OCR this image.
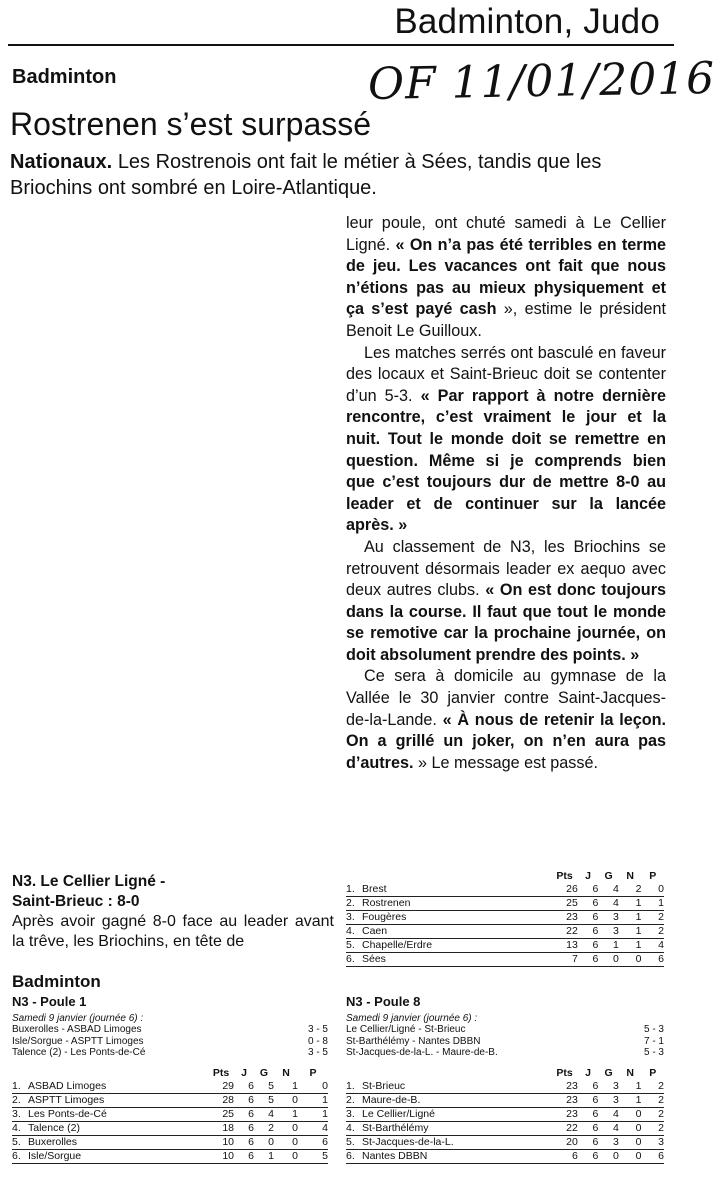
Badminton, Judo
Badminton	OF 11/01/2016
Rostrenen s’est surpassé
Nationaux. Les Rostrenois ont fait le métier à Sées, tandis que les Briochins ont sombré en Loire-Atlantique.

leur poule, ont chuté samedi à Le Cellier Ligné. « On n’a pas été terribles en terme de jeu. Les vacances ont fait que nous n’étions pas au mieux physiquement et ça s’est payé cash », estime le président Benoit Le Guilloux.

Les matches serrés ont basculé en faveur des locaux et Saint-Brieuc doit se contenter d’un 5-3. « Par rapport à notre dernière rencontre, c’est vraiment le jour et la nuit. Tout le monde doit se remettre en question. Même si je comprends bien que c’est toujours dur de mettre 8-0 au leader et de continuer sur la lancée après. »

Au classement de N3, les Briochins se retrouvent désormais leader ex aequo avec deux autres clubs. « On est donc toujours dans la course. Il faut que tout le monde se remotive car la prochaine journée, on doit absolument prendre des points. »

Ce sera à domicile au gymnase de la Vallée le 30 janvier contre Saint-Jacques-de-la-Lande. « À nous de retenir la leçon. On a grillé un joker, on n’en aura pas d’autres. » Le message est passé.

N3. Le Cellier Ligné -
Saint-Brieuc : 8-0
Après avoir gagné 8-0 face au leader avant la trêve, les Briochins, en tête de
Badminton
	Pts	J	G	N	P
1. Brest	26	6	4	2	0
2. Rostrenen	25	6	4	1	1
3. Fougères	23	6	3	1	2
4. Caen	22	6	3	1	2
5. Chapelle/Erdre	13	6	1	1	4
6. Sées	7	6	0	0	6
N3 - Poule 1
Samedi 9 janvier (journée 6) :
Buxerolles - ASBAD Limoges	3 - 5
Isle/Sorgue - ASPTT Limoges	0 - 8
Talence (2) - Les Ponts-de-Cé	3 - 5
	Pts	J	G	N	P
1. ASBAD Limoges	29	6	5	1	0
2. ASPTT Limoges	28	6	5	0	1
3. Les Ponts-de-Cé	25	6	4	1	1
4. Talence (2)	18	6	2	0	4
5. Buxerolles	10	6	0	0	6
6. Isle/Sorgue	10	6	1	0	5
N3 - Poule 8
Samedi 9 janvier (journée 6) :
Le Cellier/Ligné - St-Brieuc	5 - 3
St-Barthélémy - Nantes DBBN	7 - 1
St-Jacques-de-la-L. - Maure-de-B.	5 - 3
	Pts	J	G	N	P
1. St-Brieuc	23	6	3	1	2
2. Maure-de-B.	23	6	3	1	2
3. Le Cellier/Ligné	23	6	4	0	2
4. St-Barthélémy	22	6	4	0	2
5. St-Jacques-de-la-L.	20	6	3	0	3
6. Nantes DBBN	6	6	0	0	6
